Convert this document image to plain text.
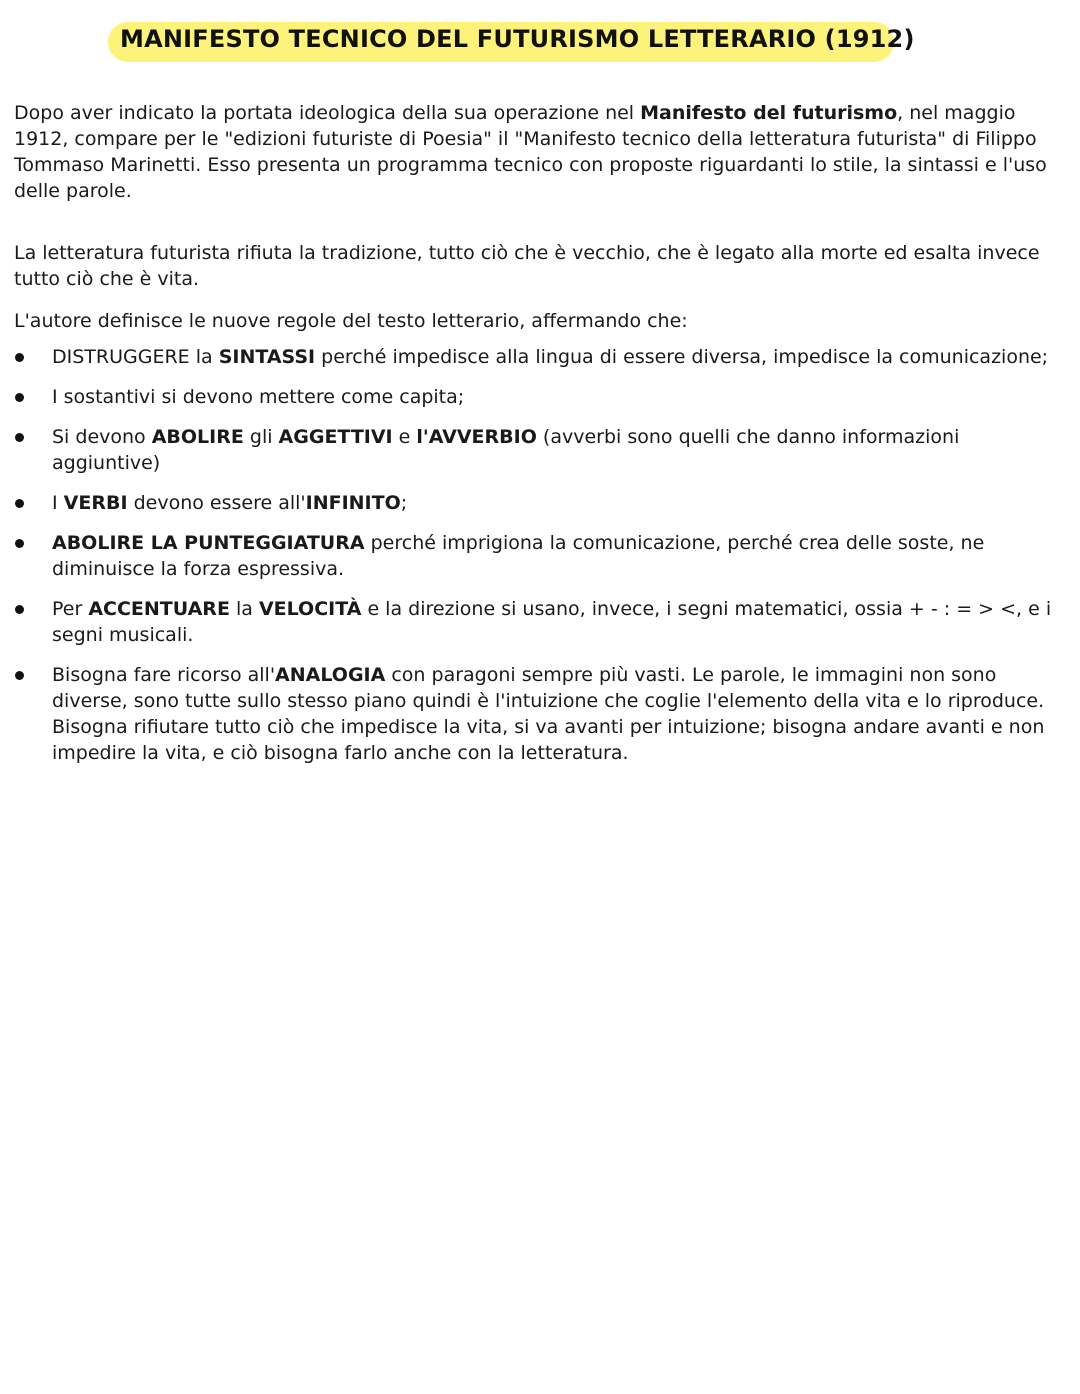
MANIFESTO TECNICO DEL FUTURISMO LETTERARIO (1912)
Dopo aver indicato la portata ideologica della sua operazione nel Manifesto del futurismo, nel maggio 1912, compare per le "edizioni futuriste di Poesia" il "Manifesto tecnico della letteratura futurista" di Filippo Tommaso Marinetti. Esso presenta un programma tecnico con proposte riguardanti lo stile, la sintassi e l'uso delle parole.
La letteratura futurista rifiuta la tradizione, tutto ciò che è vecchio, che è legato alla morte ed esalta invece tutto ciò che è vita.
L'autore definisce le nuove regole del testo letterario, affermando che:
DISTRUGGERE la SINTASSI perché impedisce alla lingua di essere diversa, impedisce la comunicazione;
I sostantivi si devono mettere come capita;
Si devono ABOLIRE gli AGGETTIVI e l'AVVERBIO (avverbi sono quelli che danno informazioni aggiuntive)
I VERBI devono essere all'INFINITO;
ABOLIRE LA PUNTEGGIATURA perché imprigiona la comunicazione, perché crea delle soste, ne diminuisce la forza espressiva.
Per ACCENTUARE la VELOCITÀ e la direzione si usano, invece, i segni matematici, ossia + - : = > <, e i segni musicali.
Bisogna fare ricorso all'ANALOGIA con paragoni sempre più vasti. Le parole, le immagini non sono diverse, sono tutte sullo stesso piano quindi è l'intuizione che coglie l'elemento della vita e lo riproduce. Bisogna rifiutare tutto ciò che impedisce la vita, si va avanti per intuizione; bisogna andare avanti e non impedire la vita, e ciò bisogna farlo anche con la letteratura.
